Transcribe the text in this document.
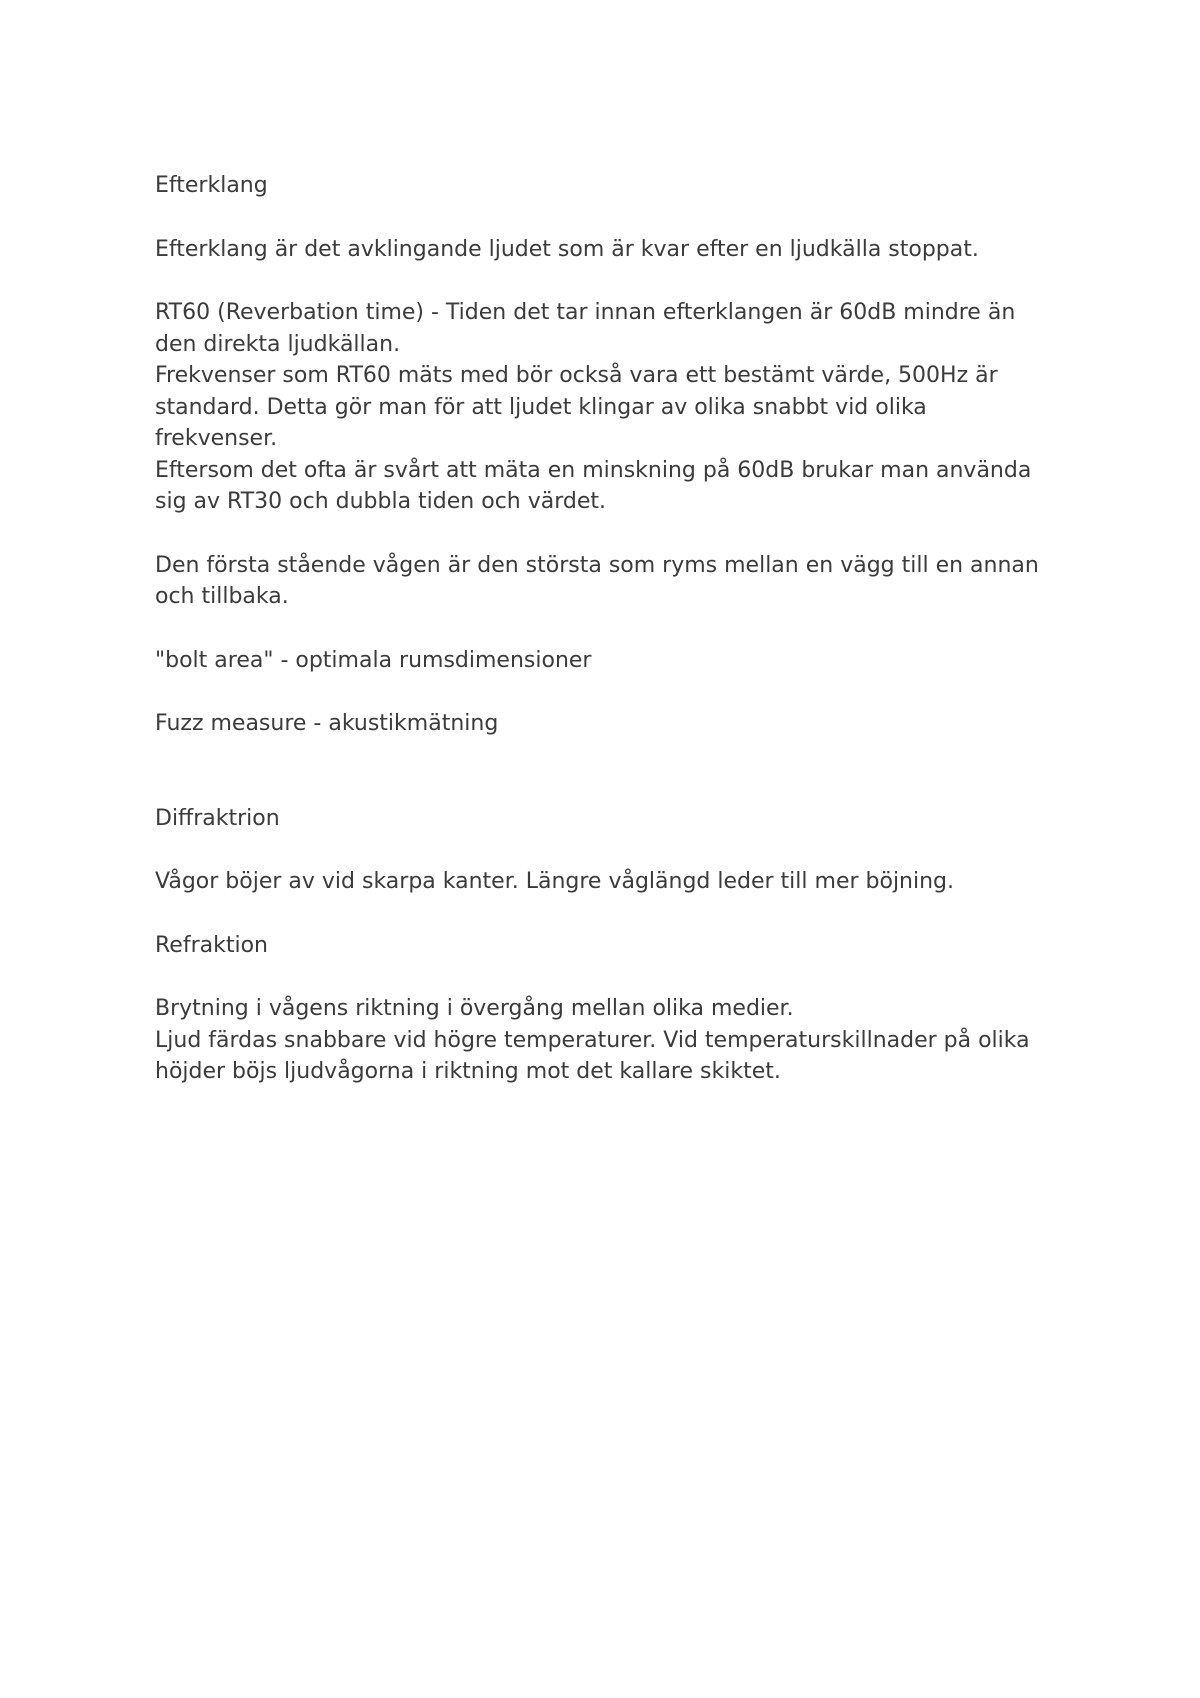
Efterklang

Efterklang är det avklingande ljudet som är kvar efter en ljudkälla stoppat.

RT60 (Reverbation time) - Tiden det tar innan efterklangen är 60dB mindre än den direkta ljudkällan.

Frekvenser som RT60 mäts med bör också vara ett bestämt värde, 500Hz är standard. Detta gör man för att ljudet klingar av olika snabbt vid olika frekvenser.

Eftersom det ofta är svårt att mäta en minskning på 60dB brukar man använda sig av RT30 och dubbla tiden och värdet.

Den första stående vågen är den största som ryms mellan en vägg till en annan och tillbaka.

"bolt area" - optimala rumsdimensioner

Fuzz measure - akustikmätning

Diffraktrion

Vågor böjer av vid skarpa kanter. Längre våglängd leder till mer böjning.

Refraktion

Brytning i vågens riktning i övergång mellan olika medier.

Ljud färdas snabbare vid högre temperaturer. Vid temperaturskillnader på olika höjder böjs ljudvågorna i riktning mot det kallare skiktet.
